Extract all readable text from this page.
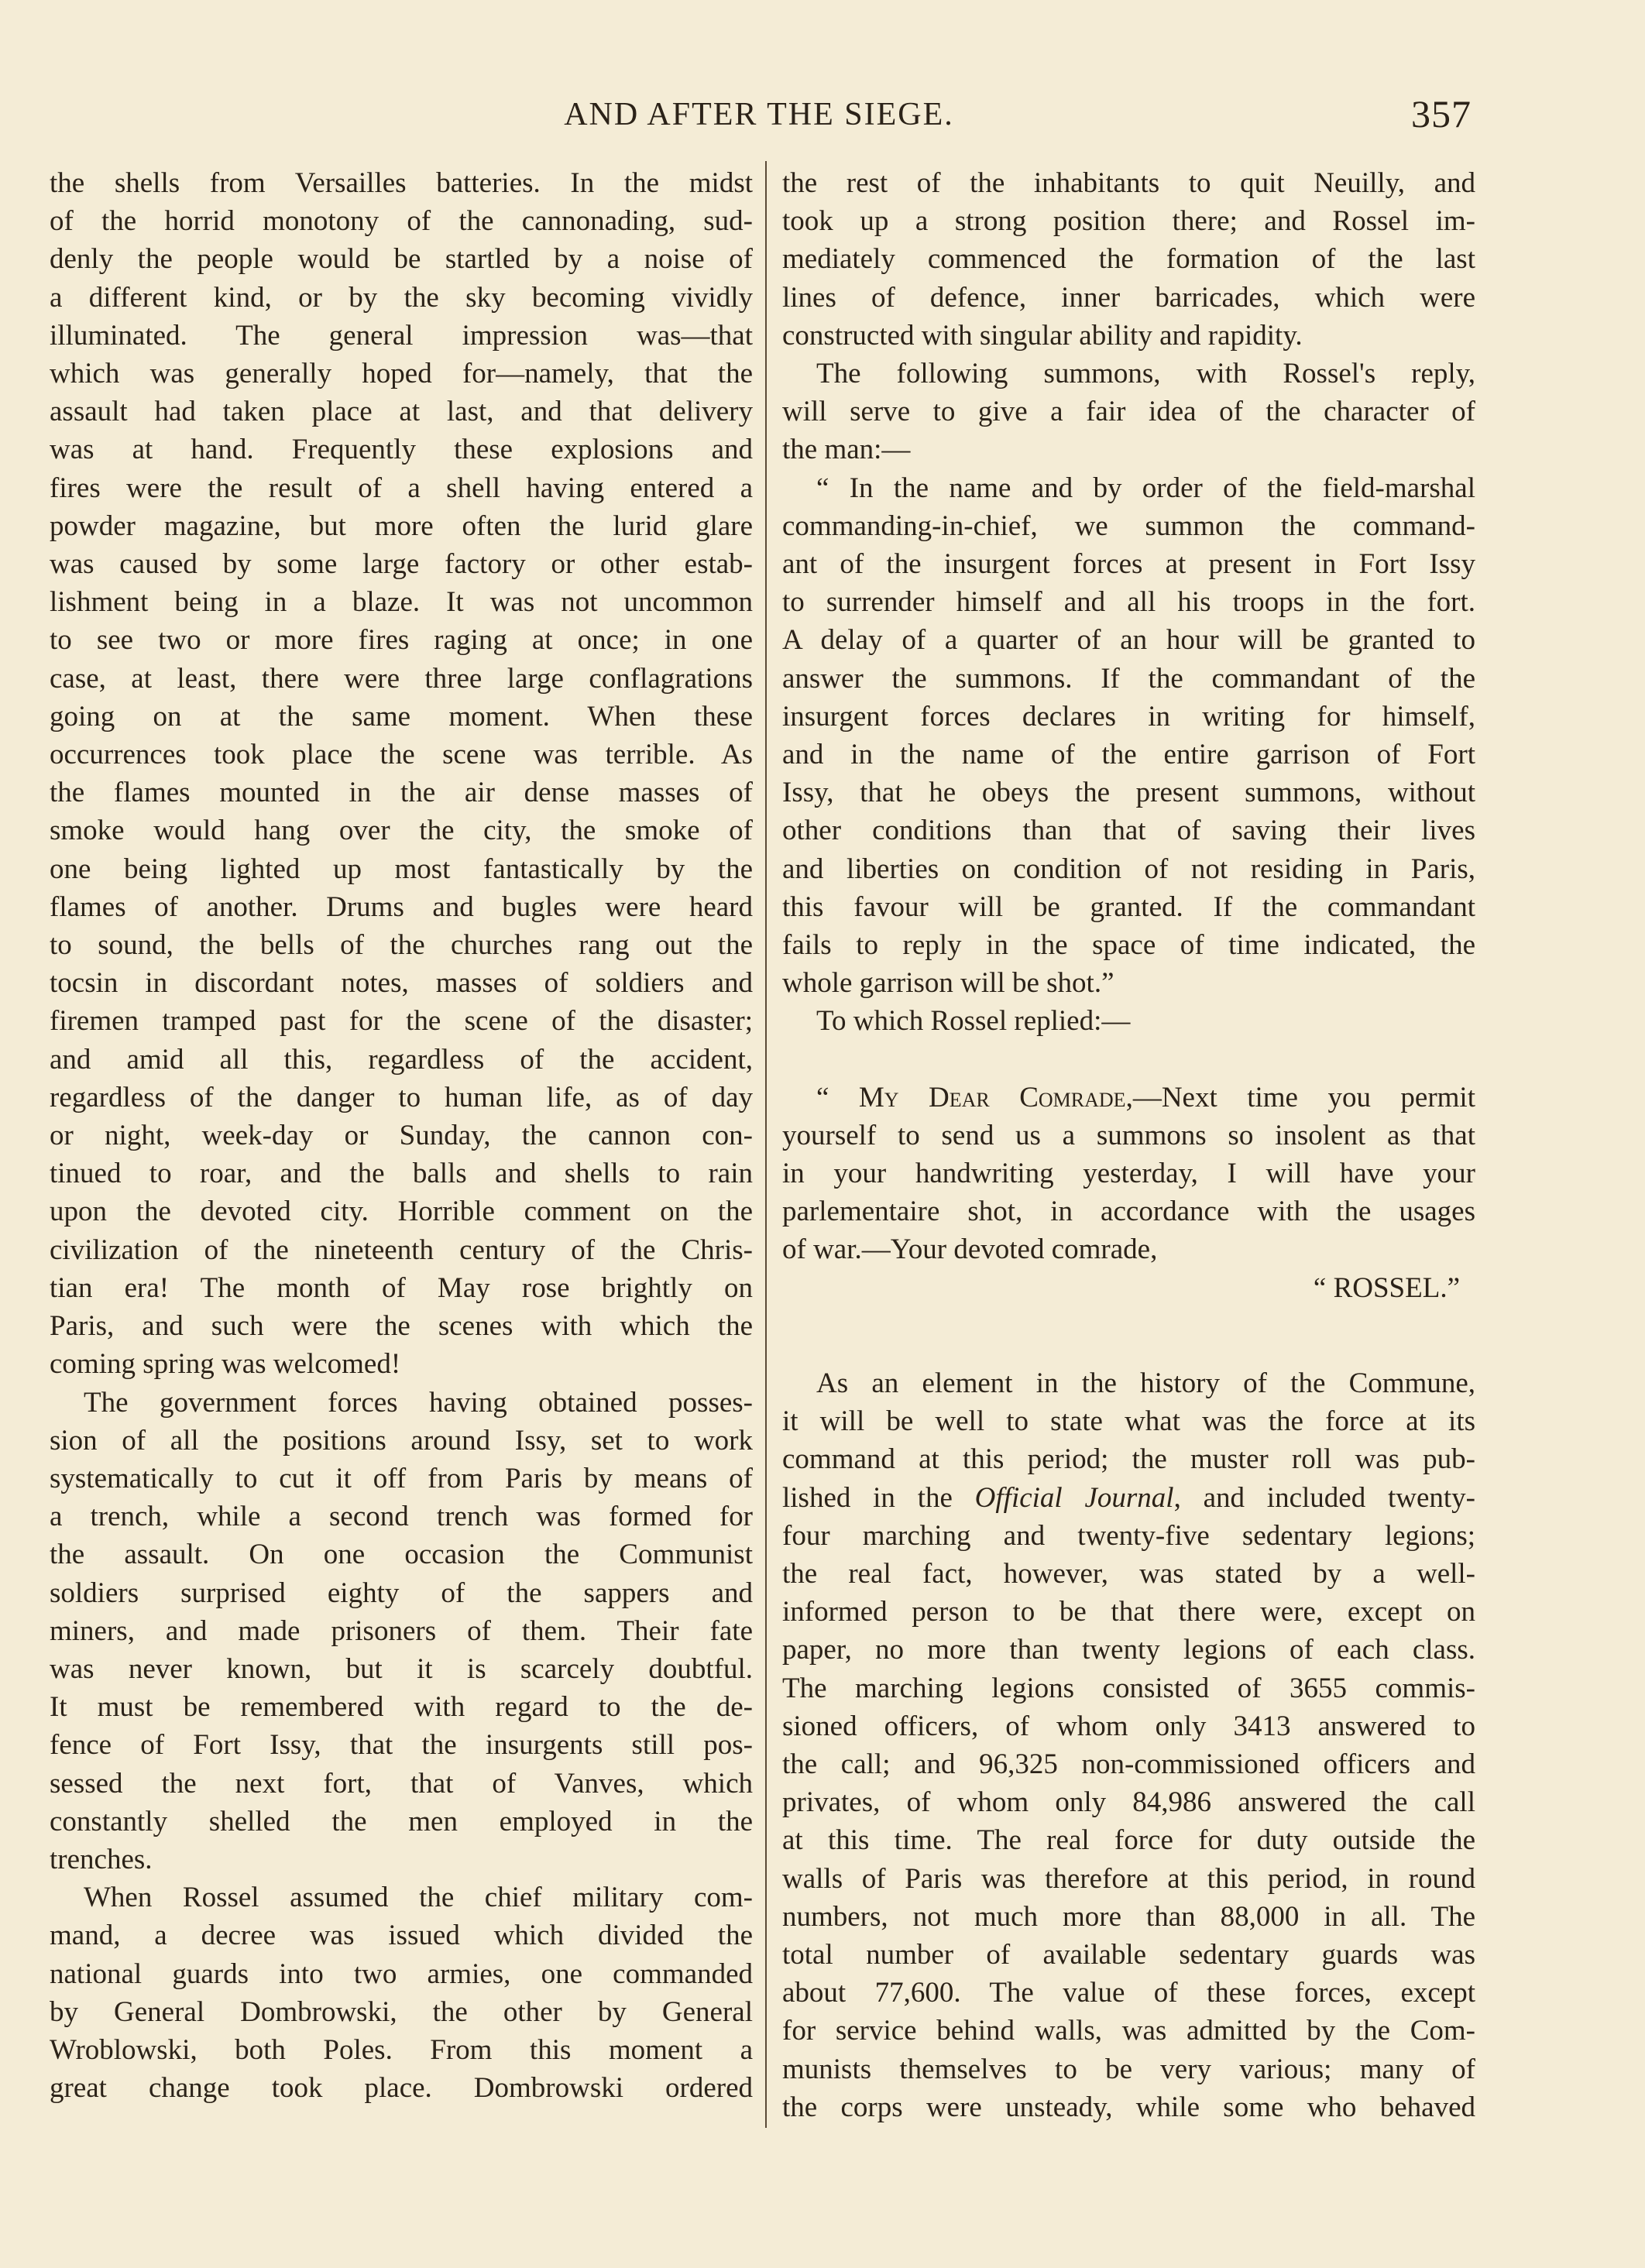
AND AFTER THE SIEGE.	357
the shells from Versailles batteries. In the midst
of the horrid monotony of the cannonading, sud-
denly the people would be startled by a noise of
a different kind, or by the sky becoming vividly
illuminated. The general impression was—that
which was generally hoped for—namely, that the
assault had taken place at last, and that delivery
was at hand. Frequently these explosions and
fires were the result of a shell having entered a
powder magazine, but more often the lurid glare
was caused by some large factory or other estab-
lishment being in a blaze. It was not uncommon
to see two or more fires raging at once; in one
case, at least, there were three large conflagrations
going on at the same moment. When these
occurrences took place the scene was terrible. As
the flames mounted in the air dense masses of
smoke would hang over the city, the smoke of
one being lighted up most fantastically by the
flames of another. Drums and bugles were heard
to sound, the bells of the churches rang out the
tocsin in discordant notes, masses of soldiers and
firemen tramped past for the scene of the disaster;
and amid all this, regardless of the accident,
regardless of the danger to human life, as of day
or night, week-day or Sunday, the cannon con-
tinued to roar, and the balls and shells to rain
upon the devoted city. Horrible comment on the
civilization of the nineteenth century of the Chris-
tian era! The month of May rose brightly on
Paris, and such were the scenes with which the
coming spring was welcomed!
The government forces having obtained posses-
sion of all the positions around Issy, set to work
systematically to cut it off from Paris by means of
a trench, while a second trench was formed for
the assault. On one occasion the Communist
soldiers surprised eighty of the sappers and
miners, and made prisoners of them. Their fate
was never known, but it is scarcely doubtful.
It must be remembered with regard to the de-
fence of Fort Issy, that the insurgents still pos-
sessed the next fort, that of Vanves, which
constantly shelled the men employed in the
trenches.
When Rossel assumed the chief military com-
mand, a decree was issued which divided the
national guards into two armies, one commanded
by General Dombrowski, the other by General
Wroblowski, both Poles. From this moment a
great change took place. Dombrowski ordered
the rest of the inhabitants to quit Neuilly, and
took up a strong position there; and Rossel im-
mediately commenced the formation of the last
lines of defence, inner barricades, which were
constructed with singular ability and rapidity.
The following summons, with Rossel's reply,
will serve to give a fair idea of the character of
the man:—
“ In the name and by order of the field-marshal
commanding-in-chief, we summon the command-
ant of the insurgent forces at present in Fort Issy
to surrender himself and all his troops in the fort.
A delay of a quarter of an hour will be granted to
answer the summons. If the commandant of the
insurgent forces declares in writing for himself,
and in the name of the entire garrison of Fort
Issy, that he obeys the present summons, without
other conditions than that of saving their lives
and liberties on condition of not residing in Paris,
this favour will be granted. If the commandant
fails to reply in the space of time indicated, the
whole garrison will be shot.”
To which Rossel replied:—
“ My Dear Comrade,—Next time you permit
yourself to send us a summons so insolent as that
in your handwriting yesterday, I will have your
parlementaire shot, in accordance with the usages
of war.—Your devoted comrade,
“ ROSSEL.”
As an element in the history of the Commune,
it will be well to state what was the force at its
command at this period; the muster roll was pub-
lished in the Official Journal, and included twenty-
four marching and twenty-five sedentary legions;
the real fact, however, was stated by a well-
informed person to be that there were, except on
paper, no more than twenty legions of each class.
The marching legions consisted of 3655 commis-
sioned officers, of whom only 3413 answered to
the call; and 96,325 non-commissioned officers and
privates, of whom only 84,986 answered the call
at this time. The real force for duty outside the
walls of Paris was therefore at this period, in round
numbers, not much more than 88,000 in all. The
total number of available sedentary guards was
about 77,600. The value of these forces, except
for service behind walls, was admitted by the Com-
munists themselves to be very various; many of
the corps were unsteady, while some who behaved
